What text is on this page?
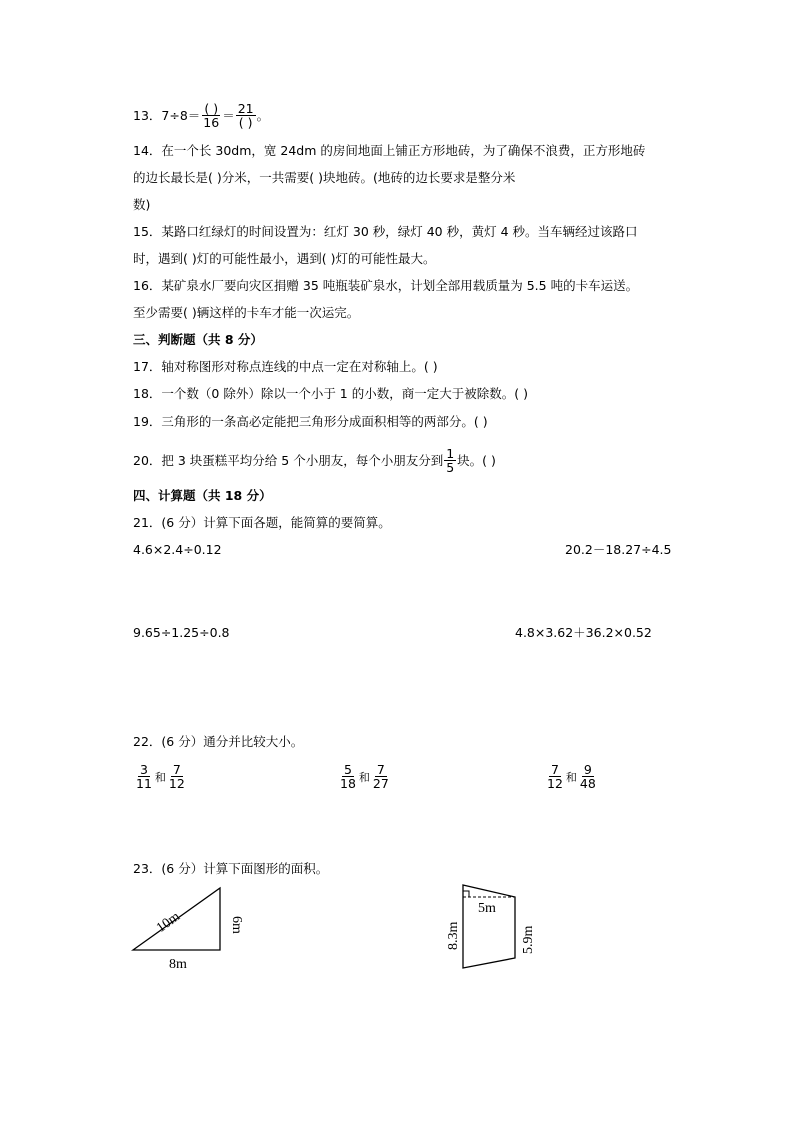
13 ．$7\div 8= \frac{( )}{16} = \frac{21}{( )}$ 。
14．在一个长 30dm，宽 24dm 的房间地面上铺正方形地砖，为了确保不浪费，正方形地砖
的边长最长是( )分米，一共需要( )块地砖。(地砖的边长要求是整分米
数)
15．某路口红绿灯的时间设置为：红灯 30 秒，绿灯 40 秒，黄灯 4 秒。当车辆经过该路口
时，遇到( )灯的可能性最小，遇到( )灯的可能性最大。
16．某矿泉水厂要向灾区捐赠 35 吨瓶装矿泉水，计划全部用载质量为 5.5 吨的卡车运送。
至少需要( )辆这样的卡车才能一次运完。
三、判断题（共 8 分）
17．轴对称图形对称点连线的中点一定在对称轴上。( )
18．一个数（0 除外）除以一个小于 1 的小数，商一定大于被除数。( )
19．三角形的一条高必定能把三角形分成面积相等的两部分。( )
20．把 3 块蛋糕平均分给 5 个小朋友，每个小朋友分到 $\frac{1}{5}$ 块。( )
四、计算题（共 18 分）
21．(6 分）计算下面各题，能简算的要简算。
4.6×2.4÷0.12	20.2－18.27÷4.5
9.65÷1.25÷0.8	4.8×3.62＋36.2×0.52
22．(6 分）通分并比较大小。
$\frac{3}{11}$ 和 $\frac{7}{12}$	$\frac{5}{18}$ 和 $\frac{7}{27}$	$\frac{7}{12}$ 和 $\frac{9}{48}$
23．(6 分）计算下面图形的面积。
10m	6m
8m
5m
8.3m	5.9m
